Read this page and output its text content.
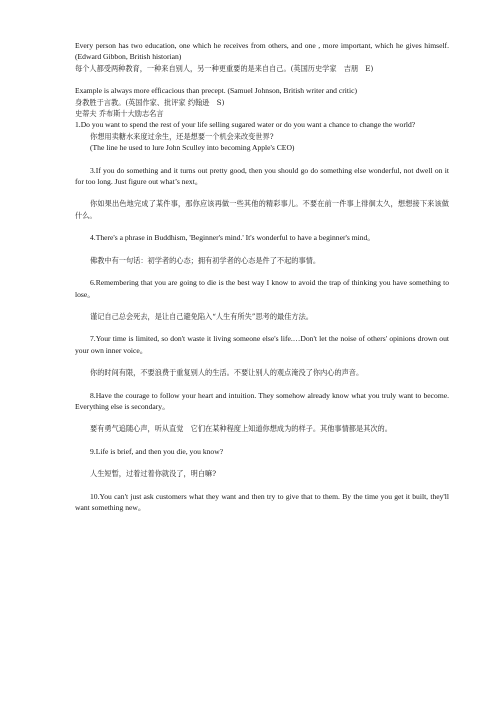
Every person has two education, one which he receives from others, and one , more important, which he gives himself. (Edward Gibbon, British historian)

每个人都受两种教育，一种来自别人，另一种更重要的是来自自己。(英国历史学家　吉朋　E)

Example is always more efficacious than precept. (Samuel Johnson, British writer and critic)

身教胜于言教。(英国作家、批评家 约翰逊　S)

史蒂夫 乔布斯十大励志名言

1.Do you want to spend the rest of your life selling sugared water or do you want a chance to change the world?

你想用卖糖水来度过余生，还是想要一个机会来改变世界?

(The line he used to lure John Sculley into becoming Apple's CEO)

3.If you do something and it turns out pretty good, then you should go do something else wonderful, not dwell on it for too long. Just figure out what’s next。

你如果出色地完成了某件事，那你应该再做一些其他的精彩事儿。不要在前一件事上徘徊太久，想想接下来该做什么。

4.There's a phrase in Buddhism, 'Beginner's mind.' It's wonderful to have a beginner's mind。

佛教中有一句话：初学者的心态；拥有初学者的心态是件了不起的事情。

6.Remembering that you are going to die is the best way I know to avoid the trap of thinking you have something to lose。

谨记自己总会死去，是让自己避免陷入“人生有所失”思考的最佳方法。

7.Your time is limited, so don't waste it living someone else's life.…Don't let the noise of others' opinions drown out your own inner voice。

你的时间有限，不要浪费于重复别人的生活。不要让别人的观点淹没了你内心的声音。

8.Have the courage to follow your heart and intuition. They somehow already know what you truly want to become. Everything else is secondary。

要有勇气追随心声，听从直觉　它们在某种程度上知道你想成为的样子。其他事情都是其次的。

9.Life is brief, and then you die, you know?

人生短暂，过着过着你就没了，明白嘛?

10.You can't just ask customers what they want and then try to give that to them. By the time you get it built, they'll want something new。
